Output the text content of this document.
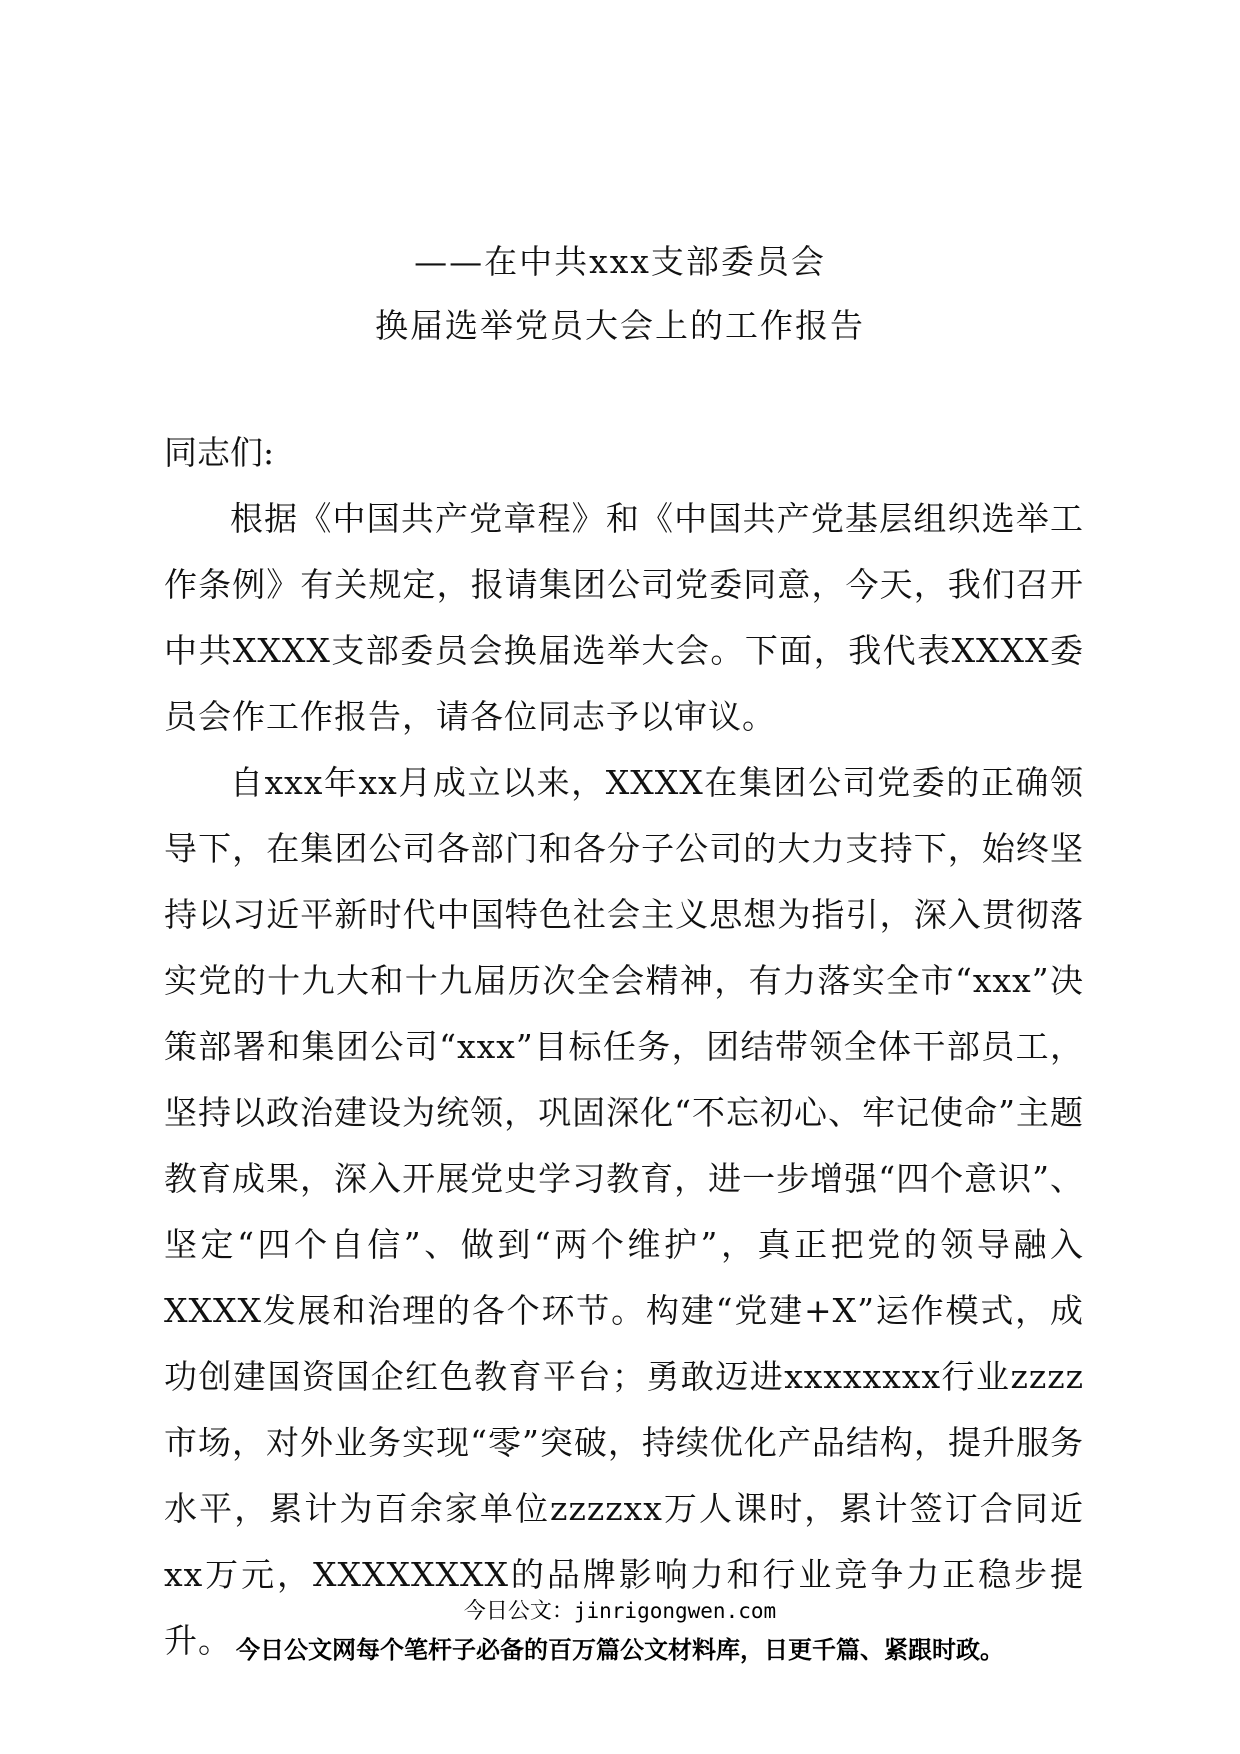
——在中共xxx支部委员会
换届选举党员大会上的工作报告
同志们:

根据《中国共产党章程》和《中国共产党基层组织选举工作条例》有关规定，报请集团公司党委同意，今天，我们召开中共XXXX支部委员会换届选举大会。下面，我代表XXXX委员会作工作报告，请各位同志予以审议。

自xxx年xx月成立以来，XXXX在集团公司党委的正确领导下，在集团公司各部门和各分子公司的大力支持下，始终坚持以习近平新时代中国特色社会主义思想为指引，深入贯彻落实党的十九大和十九届历次全会精神，有力落实全市“xxx”决策部署和集团公司“xxx”目标任务，团结带领全体干部员工，坚持以政治建设为统领，巩固深化“不忘初心、牢记使命”主题教育成果，深入开展党史学习教育，进一步增强“四个意识”、坚定“四个自信”、做到“两个维护”，真正把党的领导融入XXXX发展和治理的各个环节。构建“党建+X”运作模式，成功创建国资国企红色教育平台；勇敢迈进xxxxxxxx行业zzzz市场，对外业务实现“零”突破，持续优化产品结构，提升服务水平，累计为百余家单位zzzzxx万人课时，累计签订合同近xx万元，XXXXXXXX的品牌影响力和行业竞争力正稳步提升。

今日公文：jinrigongwen.com
今日公文网每个笔杆子必备的百万篇公文材料库，日更千篇、紧跟时政。
